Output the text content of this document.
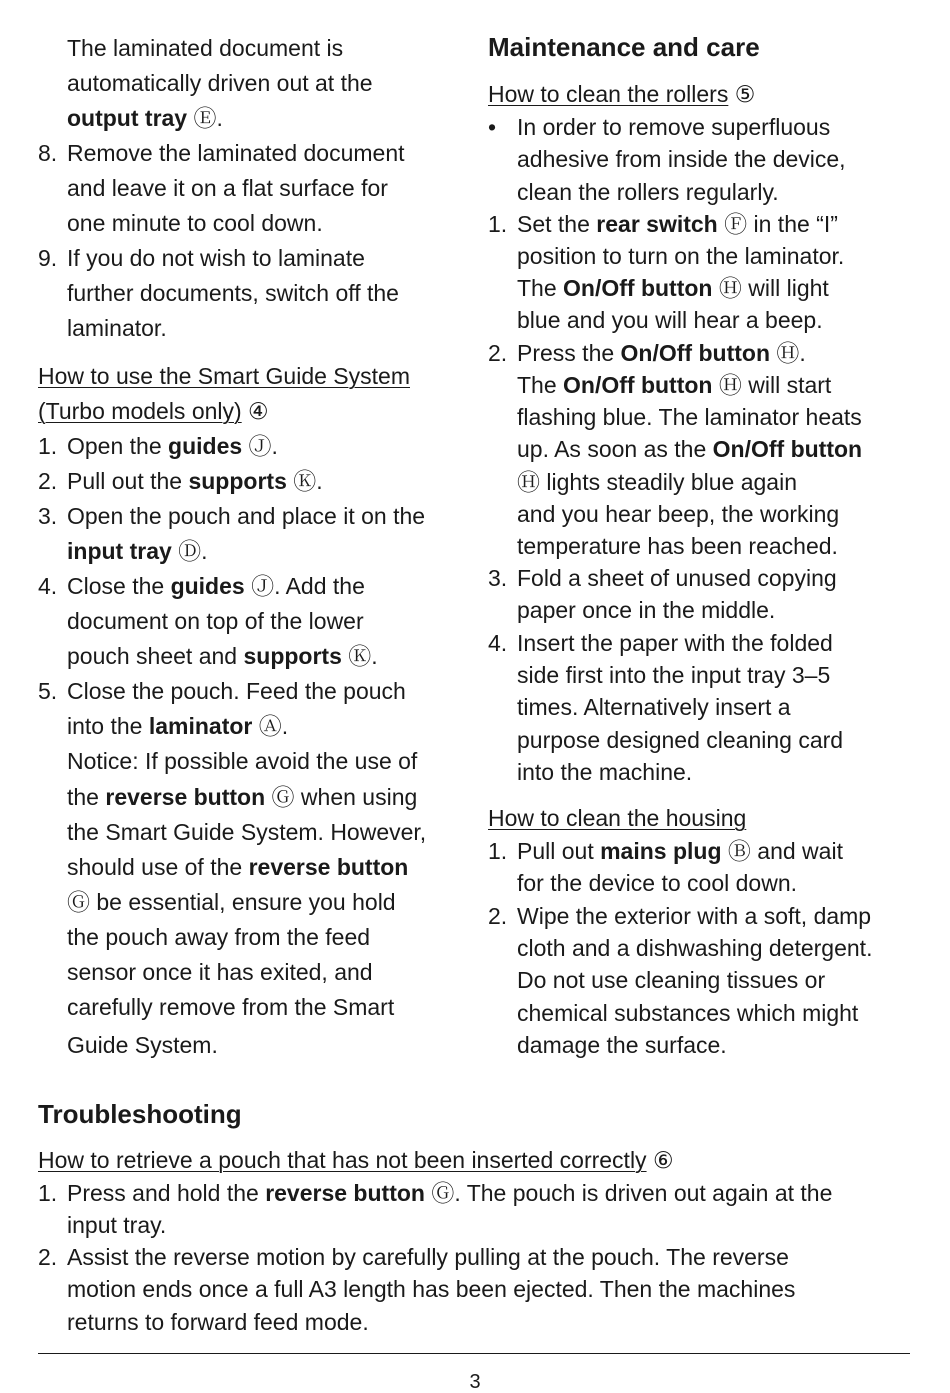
The laminated document is
automatically driven out at the
output tray Ⓔ.
8. Remove the laminated document
and leave it on a flat surface for
one minute to cool down.
9. If you do not wish to laminate
further documents, switch off the
laminator.
How to use the Smart Guide System
(Turbo models only) ④
1. Open the guides Ⓙ.
2. Pull out the supports Ⓚ.
3. Open the pouch and place it on the
input tray Ⓓ.
4. Close the guides Ⓙ. Add the
document on top of the lower
pouch sheet and supports Ⓚ.
5. Close the pouch. Feed the pouch
into the laminator Ⓐ.
Notice: If possible avoid the use of
the reverse button Ⓖ when using
the Smart Guide System. However,
should use of the reverse button
Ⓖ be essential, ensure you hold
the pouch away from the feed
sensor once it has exited, and
carefully remove from the Smart
Guide System.
Maintenance and care
How to clean the rollers ⑤
• In order to remove superfluous
adhesive from inside the device,
clean the rollers regularly.
1. Set the rear switch Ⓕ in the “I”
position to turn on the laminator.
The On/Off button Ⓗ will light
blue and you will hear a beep.
2. Press the On/Off button Ⓗ.
The On/Off button Ⓗ will start
flashing blue. The laminator heats
up. As soon as the On/Off button
Ⓗ lights steadily blue again
and you hear beep, the working
temperature has been reached.
3. Fold a sheet of unused copying
paper once in the middle.
4. Insert the paper with the folded
side first into the input tray 3–5
times. Alternatively insert a
purpose designed cleaning card
into the machine.
How to clean the housing
1. Pull out mains plug Ⓑ and wait
for the device to cool down.
2. Wipe the exterior with a soft, damp
cloth and a dishwashing detergent.
Do not use cleaning tissues or
chemical substances which might
damage the surface.
Troubleshooting
How to retrieve a pouch that has not been inserted correctly ⑥
1. Press and hold the reverse button Ⓖ. The pouch is driven out again at the
input tray.
2. Assist the reverse motion by carefully pulling at the pouch. The reverse
motion ends once a full A3 length has been ejected. Then the machines
returns to forward feed mode.
3
